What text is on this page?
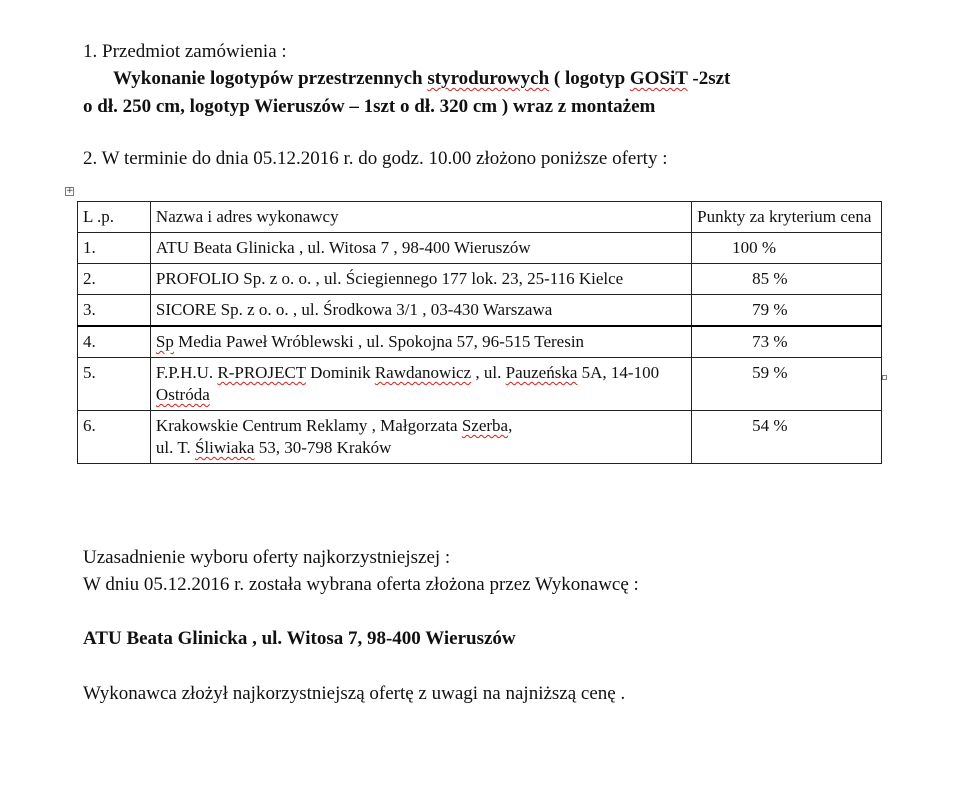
1. Przedmiot zamówienia :
Wykonanie logotypów przestrzennych styrodurowych ( logotyp GOSiT -2szt
o dł. 250 cm, logotyp Wieruszów – 1szt o dł. 320 cm ) wraz z montażem
2. W terminie do dnia 05.12.2016 r. do godz. 10.00 złożono poniższe oferty :
+
L .p.	Nazwa i adres wykonawcy	Punkty za kryterium cena
1.	ATU Beata Glinicka , ul. Witosa 7 , 98-400 Wieruszów	100 %
2.	PROFOLIO Sp. z o. o. , ul. Ściegiennego 177 lok. 23, 25-116 Kielce	85 %
3.	SICORE Sp. z o. o. , ul. Środkowa 3/1 , 03-430 Warszawa	79 %
4.	Sp Media Paweł Wróblewski , ul. Spokojna 57, 96-515 Teresin	73 %
5.	F.P.H.U. R-PROJECT Dominik Rawdanowicz , ul. Pauzeńska 5A, 14-100 Ostróda	59 %
6.	Krakowskie Centrum Reklamy , Małgorzata Szerba,
ul. T. Śliwiaka 53, 30-798 Kraków	54 %
Uzasadnienie wyboru oferty najkorzystniejszej :
W dniu 05.12.2016 r. została wybrana oferta złożona przez Wykonawcę :
ATU Beata Glinicka , ul. Witosa 7, 98-400 Wieruszów
Wykonawca złożył najkorzystniejszą ofertę z uwagi na najniższą cenę .
